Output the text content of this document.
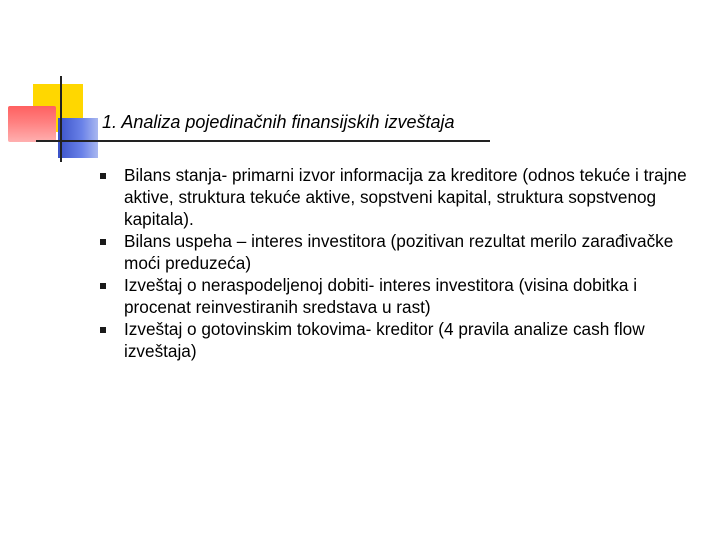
1. Analiza pojedinačnih finansijskih izveštaja
Bilans stanja- primarni izvor informacija za kreditore (odnos tekuće i trajne aktive, struktura tekuće aktive, sopstveni kapital, struktura sopstvenog kapitala).
Bilans uspeha – interes investitora (pozitivan rezultat merilo zarađivačke moći preduzeća)
Izveštaj o neraspodeljenoj dobiti- interes investitora (visina dobitka i procenat reinvestiranih sredstava u rast)
Izveštaj o gotovinskim tokovima- kreditor (4 pravila analize cash flow izveštaja)
